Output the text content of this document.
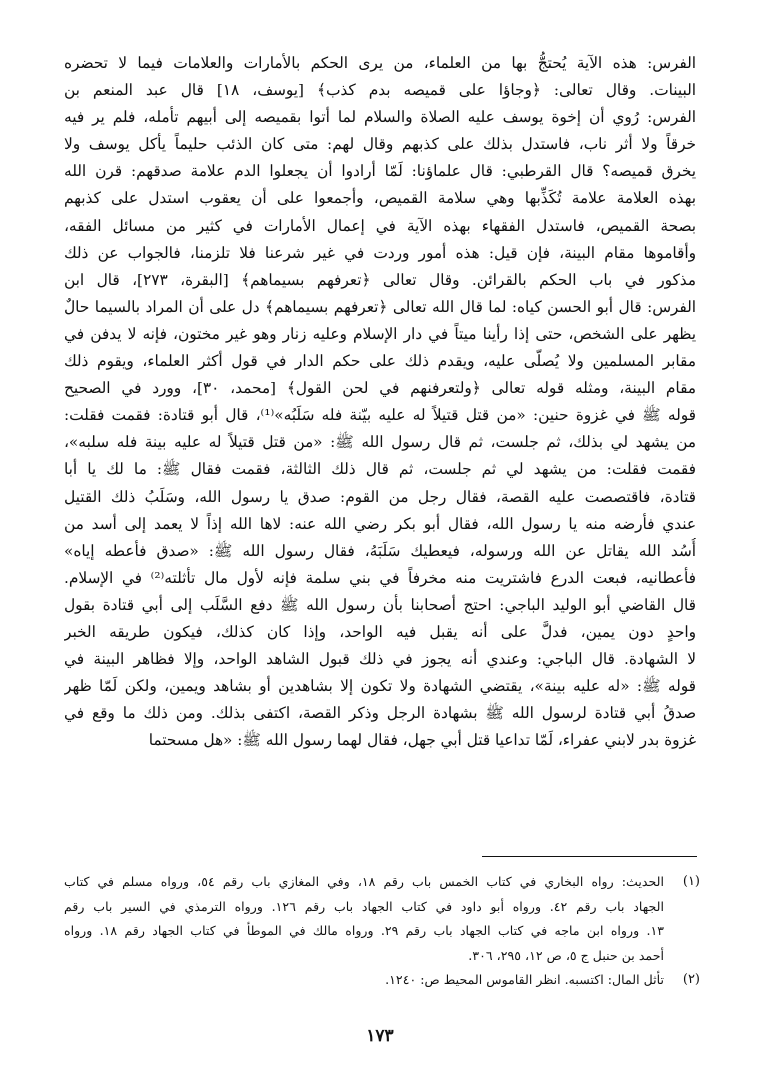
الفرس: هذه الآية يُحتجُّ بها من العلماء، من يرى الحكم بالأمارات والعلامات فيما لا تحضره
البينات. وقال تعالى: ﴿وجاؤا على قميصه بدم كذب﴾ [يوسف، ١٨] قال عبد المنعم بن
الفرس: رُوي أن إخوة يوسف عليه الصلاة والسلام لما أتوا بقميصه إلى أبيهم تأمله، فلم ير فيه
خرقاً ولا أثر ناب، فاستدل بذلك على كذبهم وقال لهم: متى كان الذئب حليماً يأكل يوسف ولا
يخرق قميصه؟ قال القرطبي: قال علماؤنا: لَمّا أرادوا أن يجعلوا الدم علامة صدقهم: قرن الله
بهذه العلامة علامة تُكَذِّبها وهي سلامة القميص، وأجمعوا على أن يعقوب استدل على كذبهم
بصحة القميص، فاستدل الفقهاء بهذه الآية في إعمال الأمارات في كثير من مسائل الفقه،
وأقاموها مقام البينة، فإن قيل: هذه أمور وردت في غير شرعنا فلا تلزمنا، فالجواب عن ذلك
مذكور في باب الحكم بالقرائن. وقال تعالى ﴿تعرفهم بسيماهم﴾ [البقرة، ٢٧٣]، قال ابن
الفرس: قال أبو الحسن كياه: لما قال الله تعالى ﴿تعرفهم بسيماهم﴾ دل على أن المراد بالسيما حالٌ
يظهر على الشخص، حتى إذا رأينا ميتاً في دار الإسلام وعليه زنار وهو غير مختون، فإنه لا يدفن في
مقابر المسلمين ولا يُصلّى عليه، ويقدم ذلك على حكم الدار في قول أكثر العلماء، ويقوم ذلك
مقام البينة، ومثله قوله تعالى ﴿ولتعرفنهم في لحن القول﴾ [محمد، ٣٠]، وورد في الصحيح
قوله ﷺ في غزوة حنين: «من قتل قتيلاً له عليه بيّنة فله سَلَبُه»⁽¹⁾، قال أبو قتادة: فقمت فقلت:
من يشهد لي بذلك، ثم جلست، ثم قال رسول الله ﷺ: «من قتل قتيلاً له عليه بينة فله سلبه»،
فقمت فقلت: من يشهد لي ثم جلست، ثم قال ذلك الثالثة، فقمت فقال ﷺ: ما لك يا أبا
قتادة، فاقتصصت عليه القصة، فقال رجل من القوم: صدق يا رسول الله، وسَلَبُ ذلك القتيل
عندي فأرضه منه يا رسول الله، فقال أبو بكر رضي الله عنه: لاها الله إذاً لا يعمد إلى أسد من
أُسُد الله يقاتل عن الله ورسوله، فيعطيك سَلَبَهُ، فقال رسول الله ﷺ: «صدق فأعطه إياه»
فأعطانيه، فبعت الدرع فاشتريت منه مخرفاً في بني سلمة فإنه لأول مال تأثلته⁽²⁾ في الإسلام.
قال القاضي أبو الوليد الباجي: احتج أصحابنا بأن رسول الله ﷺ دفع السَّلَب إلى أبي قتادة بقول
واحدٍ دون يمين، فدلَّ على أنه يقبل فيه الواحد، وإذا كان كذلك، فيكون طريقه الخبر
لا الشهادة. قال الباجي: وعندي أنه يجوز في ذلك قبول الشاهد الواحد، وإلا فظاهر البينة في
قوله ﷺ: «له عليه بينة»، يقتضي الشهادة ولا تكون إلا بشاهدين أو بشاهد ويمين، ولكن لَمّا ظهر
صدقُ أبي قتادة لرسول الله ﷺ بشهادة الرجل وذكر القصة، اكتفى بذلك. ومن ذلك ما وقع في
غزوة بدر لابني عفراء، لَمّا تداعيا قتل أبي جهل، فقال لهما رسول الله ﷺ: «هل مسحتما
(١)
الحديث: رواه البخاري في كتاب الخمس باب رقم ١٨، وفي المغازي باب رقم ٥٤، ورواه مسلم في كتاب
الجهاد باب رقم ٤٢. ورواه أبو داود في كتاب الجهاد باب رقم ١٢٦. ورواه الترمذي في السير باب رقم
١٣. ورواه ابن ماجه في كتاب الجهاد باب رقم ٢٩. ورواه مالك في الموطأ في كتاب الجهاد رقم ١٨. ورواه
أحمد بن حنبل ج ٥، ص ١٢، ٢٩٥، ٣٠٦.
(٢)
تأثل المال: اكتسبه. انظر القاموس المحيط ص: ١٢٤٠.
١٧٣
